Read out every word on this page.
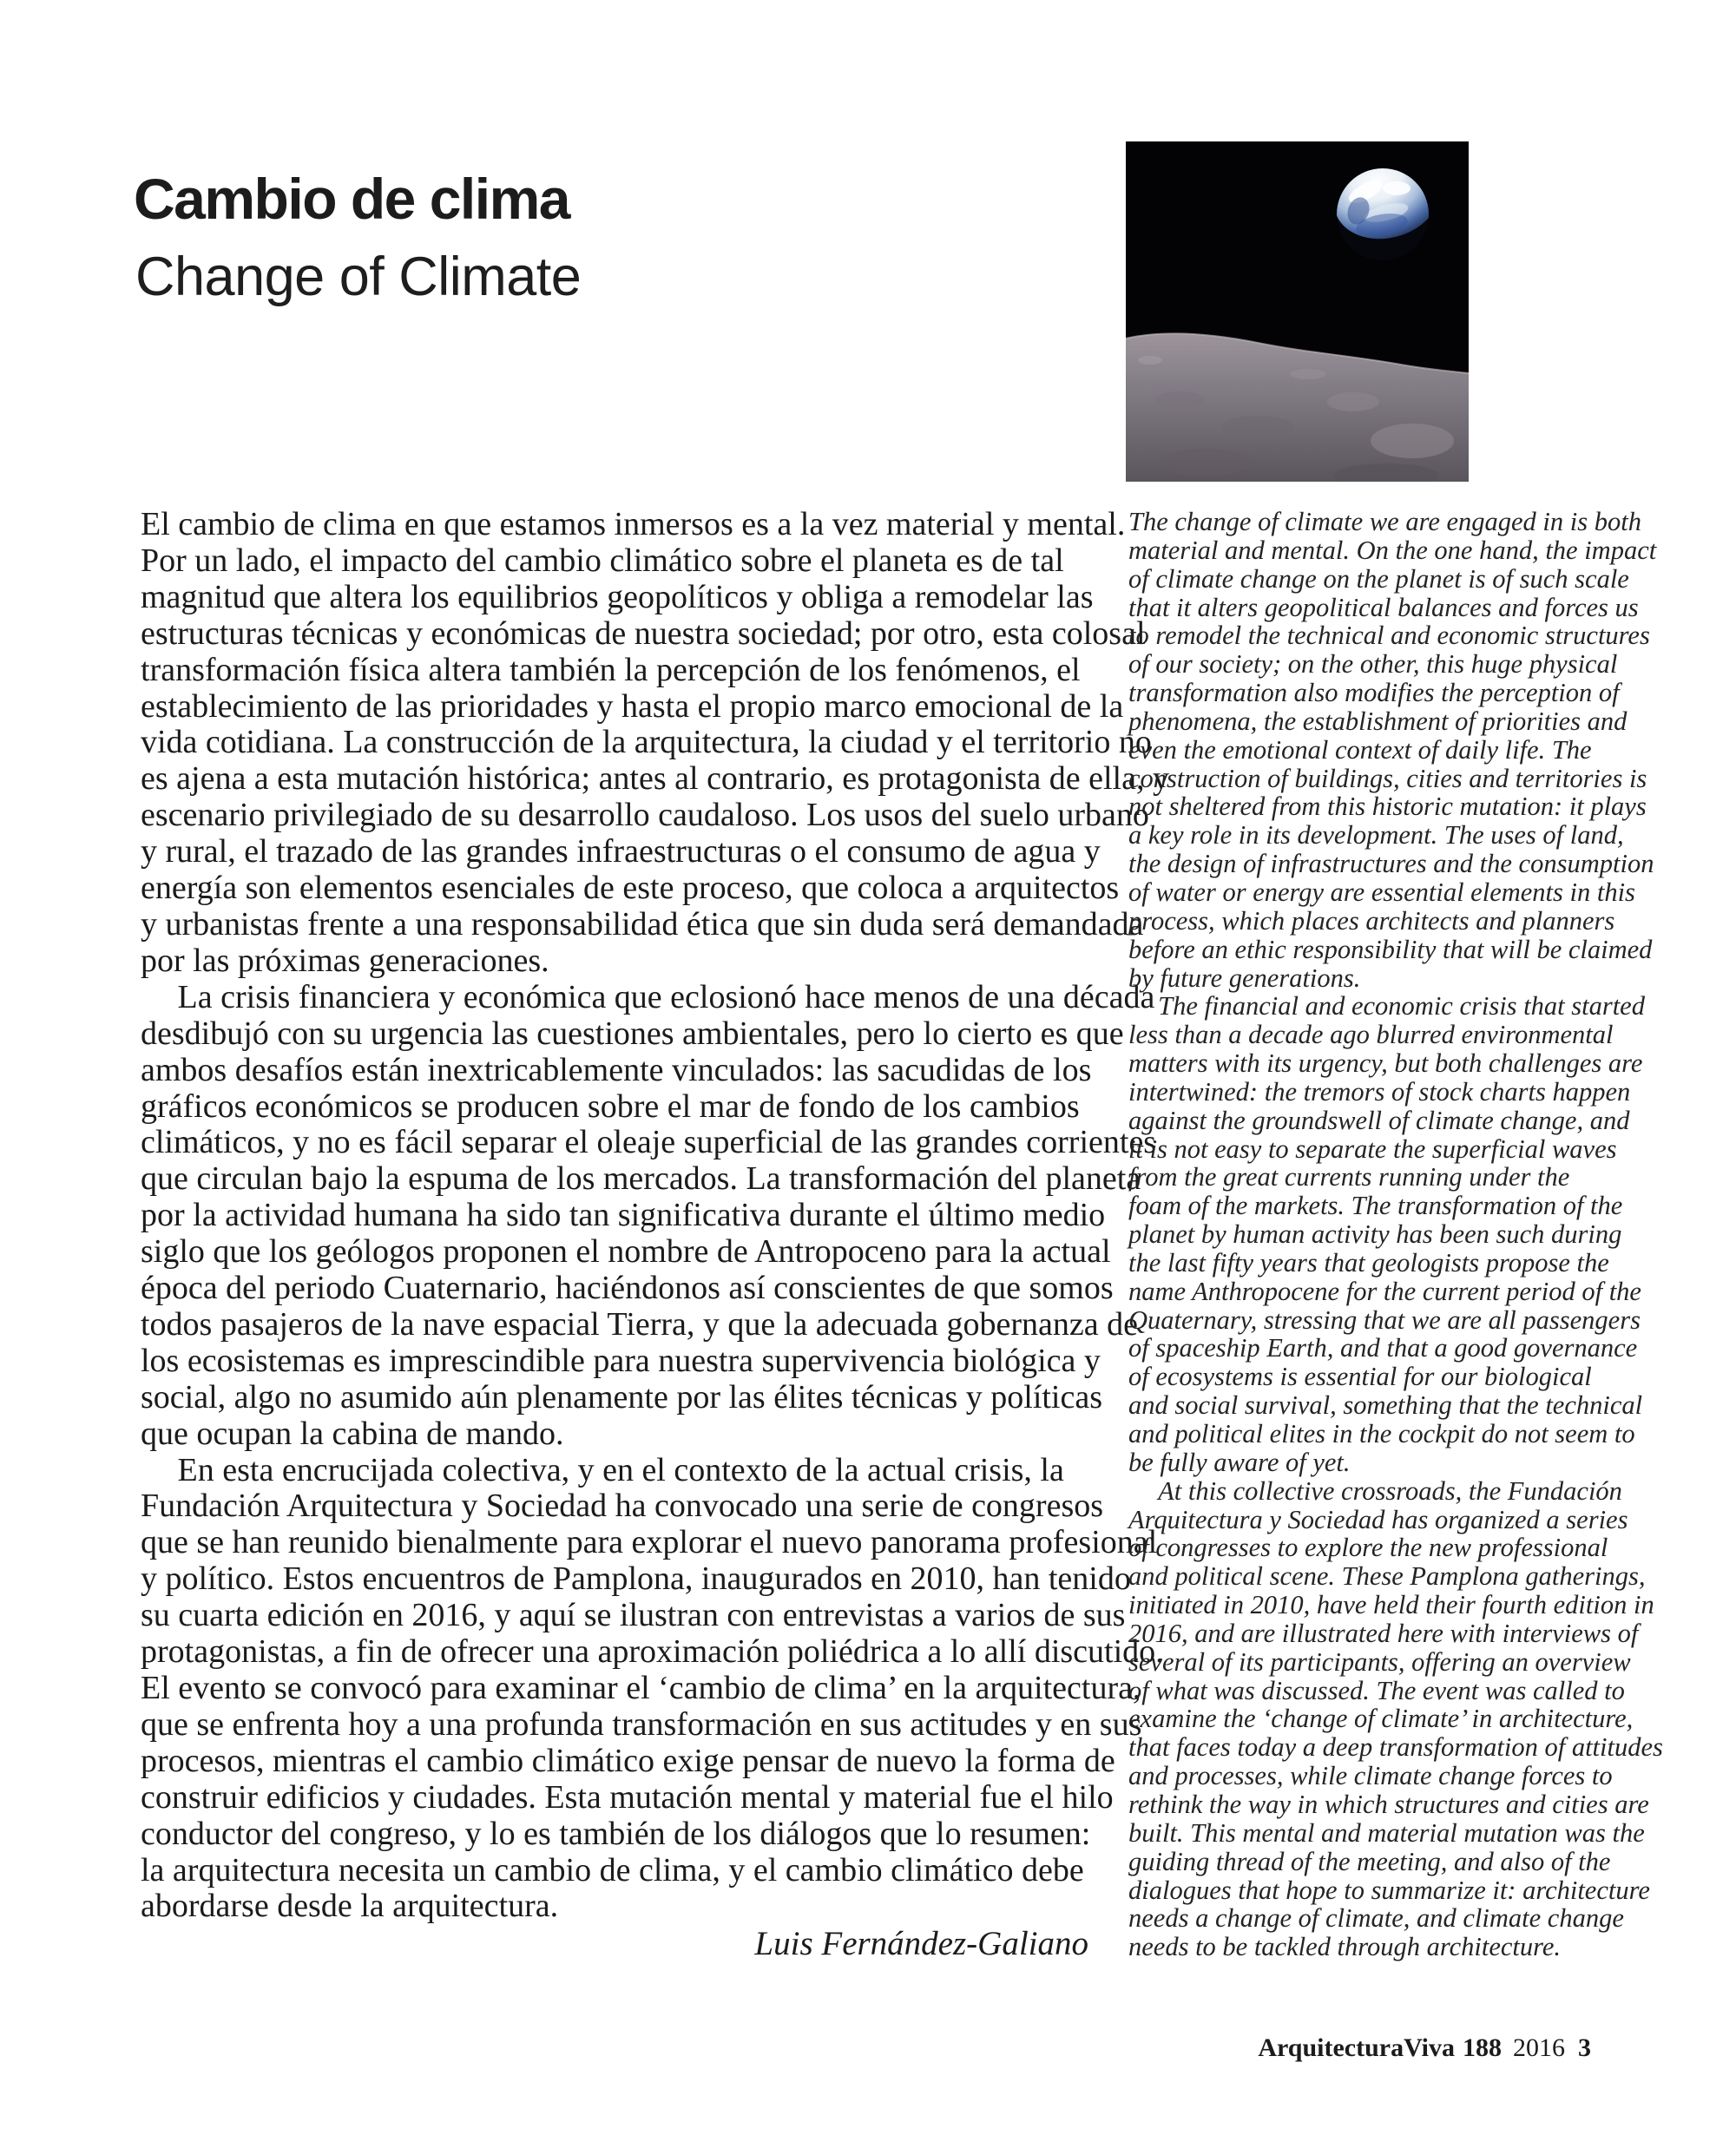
Cambio de clima
Change of Climate
El cambio de clima en que estamos inmersos es a la vez material y mental.
Por un lado, el impacto del cambio climático sobre el planeta es de tal
magnitud que altera los equilibrios geopolíticos y obliga a remodelar las
estructuras técnicas y económicas de nuestra sociedad; por otro, esta colosal
transformación física altera también la percepción de los fenómenos, el
establecimiento de las prioridades y hasta el propio marco emocional de la
vida cotidiana. La construcción de la arquitectura, la ciudad y el territorio no
es ajena a esta mutación histórica; antes al contrario, es protagonista de ella, y
escenario privilegiado de su desarrollo caudaloso. Los usos del suelo urbano
y rural, el trazado de las grandes infraestructuras o el consumo de agua y
energía son elementos esenciales de este proceso, que coloca a arquitectos
y urbanistas frente a una responsabilidad ética que sin duda será demandada
por las próximas generaciones.
La crisis financiera y económica que eclosionó hace menos de una década
desdibujó con su urgencia las cuestiones ambientales, pero lo cierto es que
ambos desafíos están inextricablemente vinculados: las sacudidas de los
gráficos económicos se producen sobre el mar de fondo de los cambios
climáticos, y no es fácil separar el oleaje superficial de las grandes corrientes
que circulan bajo la espuma de los mercados. La transformación del planeta
por la actividad humana ha sido tan significativa durante el último medio
siglo que los geólogos proponen el nombre de Antropoceno para la actual
época del periodo Cuaternario, haciéndonos así conscientes de que somos
todos pasajeros de la nave espacial Tierra, y que la adecuada gobernanza de
los ecosistemas es imprescindible para nuestra supervivencia biológica y
social, algo no asumido aún plenamente por las élites técnicas y políticas
que ocupan la cabina de mando.
En esta encrucijada colectiva, y en el contexto de la actual crisis, la
Fundación Arquitectura y Sociedad ha convocado una serie de congresos
que se han reunido bienalmente para explorar el nuevo panorama profesional
y político. Estos encuentros de Pamplona, inaugurados en 2010, han tenido
su cuarta edición en 2016, y aquí se ilustran con entrevistas a varios de sus
protagonistas, a fin de ofrecer una aproximación poliédrica a lo allí discutido.
El evento se convocó para examinar el ‘cambio de clima’ en la arquitectura,
que se enfrenta hoy a una profunda transformación en sus actitudes y en sus
procesos, mientras el cambio climático exige pensar de nuevo la forma de
construir edificios y ciudades. Esta mutación mental y material fue el hilo
conductor del congreso, y lo es también de los diálogos que lo resumen:
la arquitectura necesita un cambio de clima, y el cambio climático debe
abordarse desde la arquitectura.
Luis Fernández-Galiano
The change of climate we are engaged in is both
material and mental. On the one hand, the impact
of climate change on the planet is of such scale
that it alters geopolitical balances and forces us
to remodel the technical and economic structures
of our society; on the other, this huge physical
transformation also modifies the perception of
phenomena, the establishment of priorities and
even the emotional context of daily life. The
construction of buildings, cities and territories is
not sheltered from this historic mutation: it plays
a key role in its development. The uses of land,
the design of infrastructures and the consumption
of water or energy are essential elements in this
process, which places architects and planners
before an ethic responsibility that will be claimed
by future generations.
The financial and economic crisis that started
less than a decade ago blurred environmental
matters with its urgency, but both challenges are
intertwined: the tremors of stock charts happen
against the groundswell of climate change, and
it is not easy to separate the superficial waves
from the great currents running under the
foam of the markets. The transformation of the
planet by human activity has been such during
the last fifty years that geologists propose the
name Anthropocene for the current period of the
Quaternary, stressing that we are all passengers
of spaceship Earth, and that a good governance
of ecosystems is essential for our biological
and social survival, something that the technical
and political elites in the cockpit do not seem to
be fully aware of yet.
At this collective crossroads, the Fundación
Arquitectura y Sociedad has organized a series
of congresses to explore the new professional
and political scene. These Pamplona gatherings,
initiated in 2010, have held their fourth edition in
2016, and are illustrated here with interviews of
several of its participants, offering an overview
of what was discussed. The event was called to
examine the ‘change of climate’ in architecture,
that faces today a deep transformation of attitudes
and processes, while climate change forces to
rethink the way in which structures and cities are
built. This mental and material mutation was the
guiding thread of the meeting, and also of the
dialogues that hope to summarize it: architecture
needs a change of climate, and climate change
needs to be tackled through architecture.
ArquitecturaViva 188 2016 3
